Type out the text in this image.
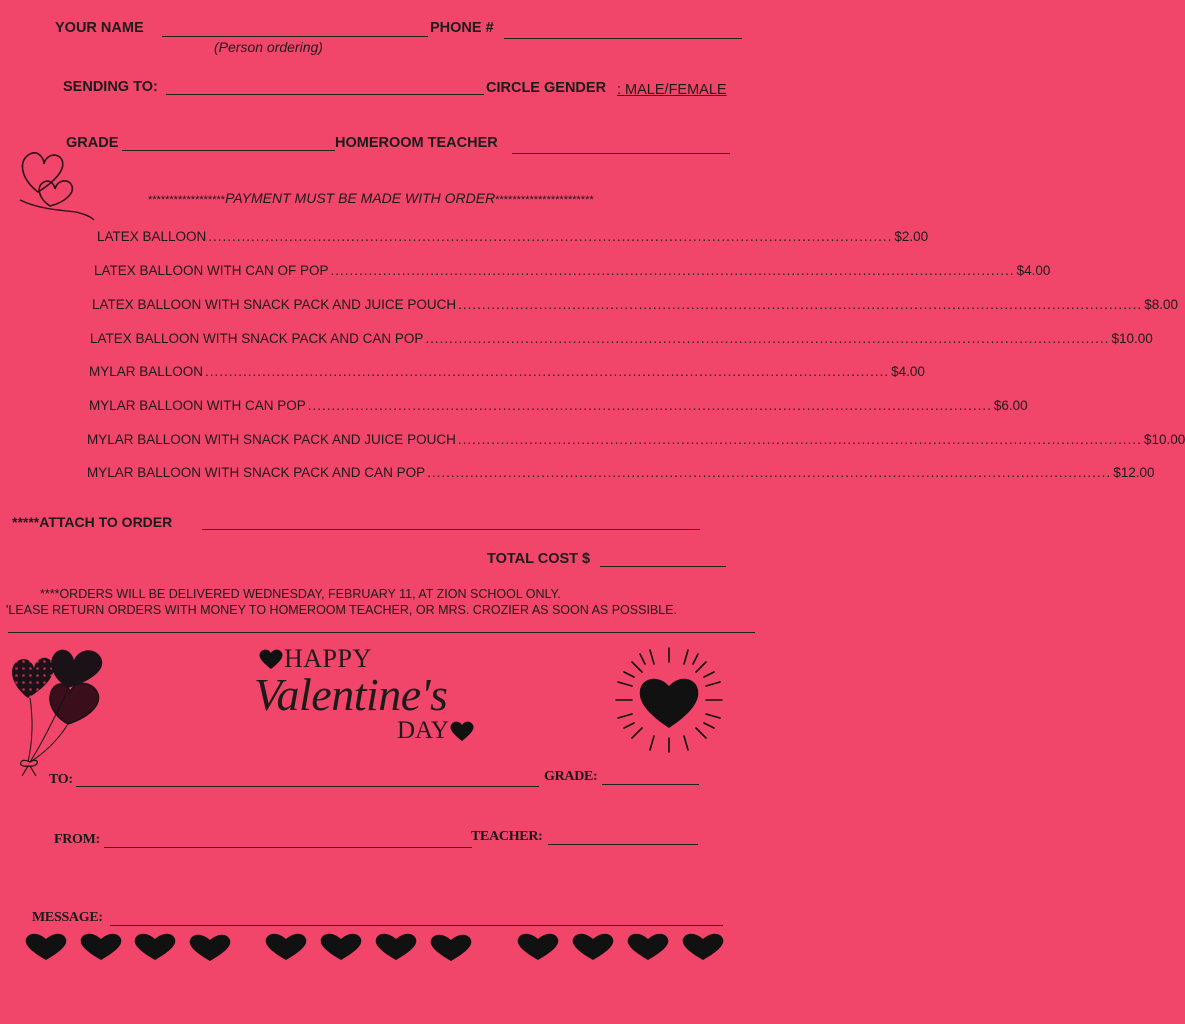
YOUR NAME
(Person ordering)
PHONE #
SENDING TO:	CIRCLE GENDER : MALE/FEMALE
GRADE	HOMEROOM TEACHER
******************PAYMENT MUST BE MADE WITH ORDER***********************
LATEX BALLOON ................................................................................................................................................ $2.00
LATEX BALLOON WITH CAN OF POP ................................................................................................................................................ $4.00
LATEX BALLOON WITH SNACK PACK AND JUICE POUCH ................................................................................................................................................ $8.00
LATEX BALLOON WITH SNACK PACK AND CAN POP ................................................................................................................................................ $10.00
MYLAR BALLOON ................................................................................................................................................ $4.00
MYLAR BALLOON WITH CAN POP ................................................................................................................................................ $6.00
MYLAR BALLOON WITH SNACK PACK AND JUICE POUCH ................................................................................................................................................ $10.00
MYLAR BALLOON WITH SNACK PACK AND CAN POP ................................................................................................................................................ $12.00
*****ATTACH TO ORDER
TOTAL COST $
****ORDERS WILL BE DELIVERED WEDNESDAY, FEBRUARY 11, AT ZION SCHOOL ONLY.
'LEASE RETURN ORDERS WITH MONEY TO HOMEROOM TEACHER, OR MRS. CROZIER AS SOON AS POSSIBLE.
HAPPY
Valentine's
DAY
TO:	GRADE:
FROM:	TEACHER:
MESSAGE:
